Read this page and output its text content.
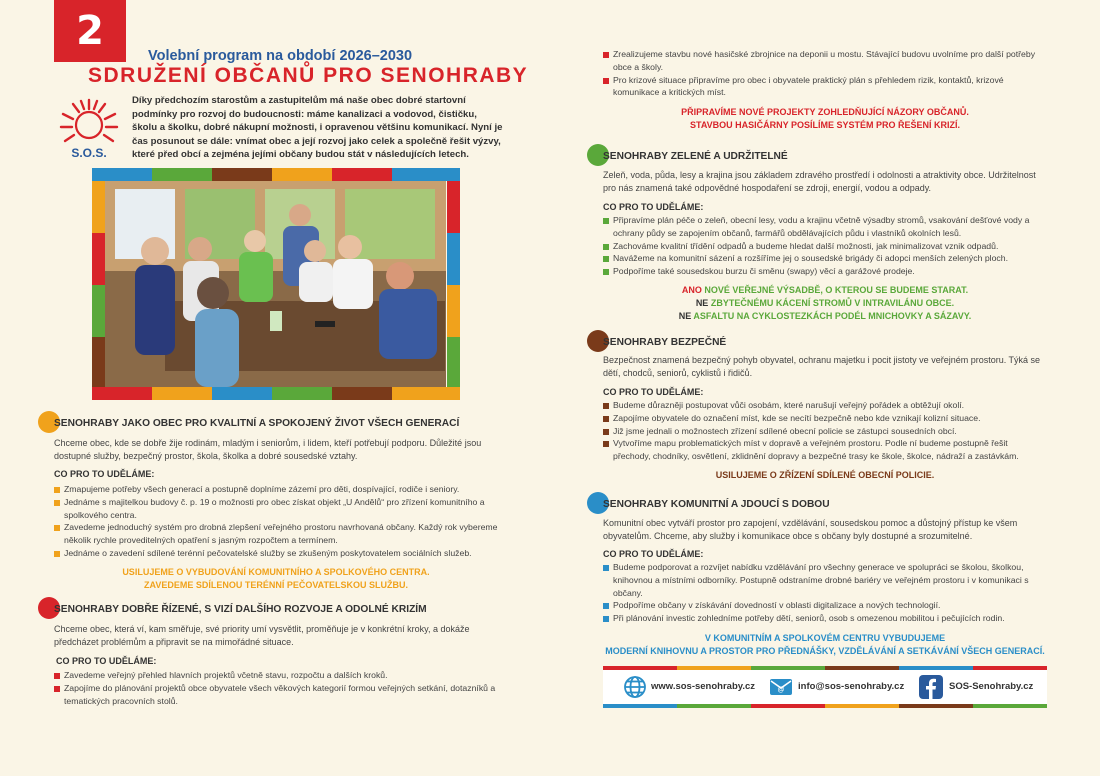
2
Volební program na období 2026–2030
SDRUŽENÍ OBČANŮ PRO SENOHRABY
S.O.S.
Díky předchozím starostům a zastupitelům má naše obec dobré startovní podmínky pro rozvoj do budoucnosti: máme kanalizaci a vodovod, čističku, školu a školku, dobré nákupní možnosti, i opravenou většinu komunikací. Nyní je čas posunout se dále: vnímat obec a její rozvoj jako celek a společně řešit výzvy, které před obcí a zejména jejími občany budou stát v následujících letech.
SENOHRABY JAKO OBEC PRO KVALITNÍ A SPOKOJENÝ ŽIVOT VŠECH GENERACÍ
Chceme obec, kde se dobře žije rodinám, mladým i seniorům, i lidem, kteří potřebují podporu. Důležité jsou dostupné služby, bezpečný prostor, škola, školka a dobré sousedské vztahy.
CO PRO TO UDĚLÁME:
Zmapujeme potřeby všech generací a postupně doplníme zázemí pro děti, dospívající, rodiče i seniory.
Jednáme s majitelkou budovy č. p. 19 o možnosti pro obec získat objekt „U Andělů“ pro zřízení komunitního a spolkového centra.
Zavedeme jednoduchý systém pro drobná zlepšení veřejného prostoru navrhovaná občany. Každý rok vybereme několik rychle proveditelných opatření s jasným rozpočtem a termínem.
Jednáme o zavedení sdílené terénní pečovatelské služby se zkušeným poskytovatelem sociálních služeb.
USILUJEME O VYBUDOVÁNÍ KOMUNITNÍHO A SPOLKOVÉHO CENTRA.
ZAVEDEME SDÍLENOU TERÉNNÍ PEČOVATELSKOU SLUŽBU.
SENOHRABY DOBŘE ŘÍZENÉ, S VIZÍ DALŠÍHO ROZVOJE A ODOLNÉ KRIZÍM
Chceme obec, která ví, kam směřuje, své priority umí vysvětlit, proměňuje je v konkrétní kroky, a dokáže předcházet problémům a připravit se na mimořádné situace.
CO PRO TO UDĚLÁME:
Zavedeme veřejný přehled hlavních projektů včetně stavu, rozpočtu a dalších kroků.
Zapojíme do plánování projektů obce obyvatele všech věkových kategorií formou veřejných setkání, dotazníků a tematických pracovních stolů.
Zrealizujeme stavbu nové hasičské zbrojnice na deponii u mostu. Stávající budovu uvolníme pro další potřeby obce a školy.
Pro krizové situace připravíme pro obec i obyvatele praktický plán s přehledem rizik, kontaktů, krizové komunikace a kritických míst.
PŘIPRAVÍME NOVÉ PROJEKTY ZOHLEDŇUJÍCÍ NÁZORY OBČANŮ.
STAVBOU HASIČÁRNY POSÍLÍME SYSTÉM PRO ŘEŠENÍ KRIZÍ.
SENOHRABY ZELENÉ A UDRŽITELNÉ
Zeleň, voda, půda, lesy a krajina jsou základem zdravého prostředí i odolnosti a atraktivity obce. Udržitelnost pro nás znamená také odpovědné hospodaření se zdroji, energií, vodou a odpady.
CO PRO TO UDĚLÁME:
Připravíme plán péče o zeleň, obecní lesy, vodu a krajinu včetně výsadby stromů, vsakování dešťové vody a ochrany půdy se zapojením občanů, farmářů obdělávajících půdu i vlastníků okolních lesů.
Zachováme kvalitní třídění odpadů a budeme hledat další možnosti, jak minimalizovat vznik odpadů.
Navážeme na komunitní sázení a rozšíříme jej o sousedské brigády či adopci menších zelených ploch.
Podpoříme také sousedskou burzu či směnu (swapy) věcí a garážové prodeje.
ANO NOVÉ VEŘEJNÉ VÝSADBĚ, O KTEROU SE BUDEME STARAT.
NE ZBYTEČNÉMU KÁCENÍ STROMŮ V INTRAVILÁNU OBCE.
NE ASFALTU NA CYKLOSTEZKÁCH PODÉL MNICHOVKY A SÁZAVY.
SENOHRABY BEZPEČNÉ
Bezpečnost znamená bezpečný pohyb obyvatel, ochranu majetku i pocit jistoty ve veřejném prostoru. Týká se dětí, chodců, seniorů, cyklistů i řidičů.
CO PRO TO UDĚLÁME:
Budeme důrazněji postupovat vůči osobám, které narušují veřejný pořádek a obtěžují okolí.
Zapojíme obyvatele do označení míst, kde se necítí bezpečně nebo kde vznikají kolizní situace.
Již jsme jednali o možnostech zřízení sdílené obecní policie se zástupci sousedních obcí.
Vytvoříme mapu problematických míst v dopravě a veřejném prostoru. Podle ní budeme postupně řešit přechody, chodníky, osvětlení, zklidnění dopravy a bezpečné trasy ke škole, školce, nádraží a zastávkám.
USILUJEME O ZŘÍZENÍ SDÍLENÉ OBECNÍ POLICIE.
SENOHRABY KOMUNITNÍ A JDOUCÍ S DOBOU
Komunitní obec vytváří prostor pro zapojení, vzdělávání, sousedskou pomoc a důstojný přístup ke všem obyvatelům. Chceme, aby služby i komunikace obce s občany byly dostupné a srozumitelné.
CO PRO TO UDĚLÁME:
Budeme podporovat a rozvíjet nabídku vzdělávání pro všechny generace ve spolupráci se školou, školkou, knihovnou a místními odborníky. Postupně odstraníme drobné bariéry ve veřejném prostoru i v komunikaci s občany.
Podpoříme občany v získávání dovedností v oblasti digitalizace a nových technologií.
Při plánování investic zohledníme potřeby dětí, seniorů, osob s omezenou mobilitou i pečujících rodin.
V KOMUNITNÍM A SPOLKOVÉM CENTRU VYBUDUJEME
MODERNÍ KNIHOVNU A PROSTOR PRO PŘEDNÁŠKY, VZDĚLÁVÁNÍ A SETKÁVÁNÍ VŠECH GENERACÍ.
www.sos-senohraby.cz	@ info@sos-senohraby.cz	SOS-Senohraby.cz
